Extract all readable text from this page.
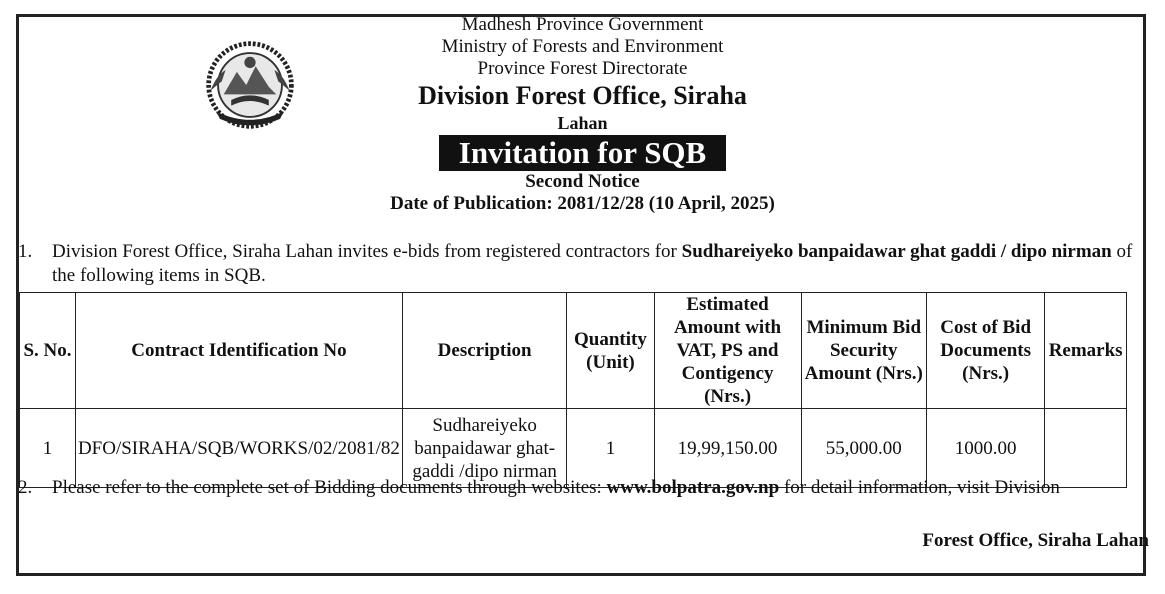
Madhesh Province Government
Ministry of Forests and Environment
Province Forest Directorate
Division Forest Office, Siraha
Lahan
Invitation for SQB
Second Notice
Date of Publication: 2081/12/28 (10 April, 2025)
1. Division Forest Office, Siraha Lahan invites e-bids from registered contractors for Sudhareiyeko banpaidawar ghat gaddi / dipo nirman of the following items in SQB.
S. No.	Contract Identification No	Description	Quantity (Unit)	Estimated Amount with VAT, PS and Contigency (Nrs.)	Minimum Bid Security Amount (Nrs.)	Cost of Bid Documents (Nrs.)	Remarks
1	DFO/SIRAHA/SQB/WORKS/02/2081/82	Sudhareiyeko banpaidawar ghat-gaddi /dipo nirman	1	19,99,150.00	55,000.00	1000.00	
2. Please refer to the complete set of Bidding documents through websites: www.bolpatra.gov.np for detail information, visit Division
Forest Office, Siraha Lahan
